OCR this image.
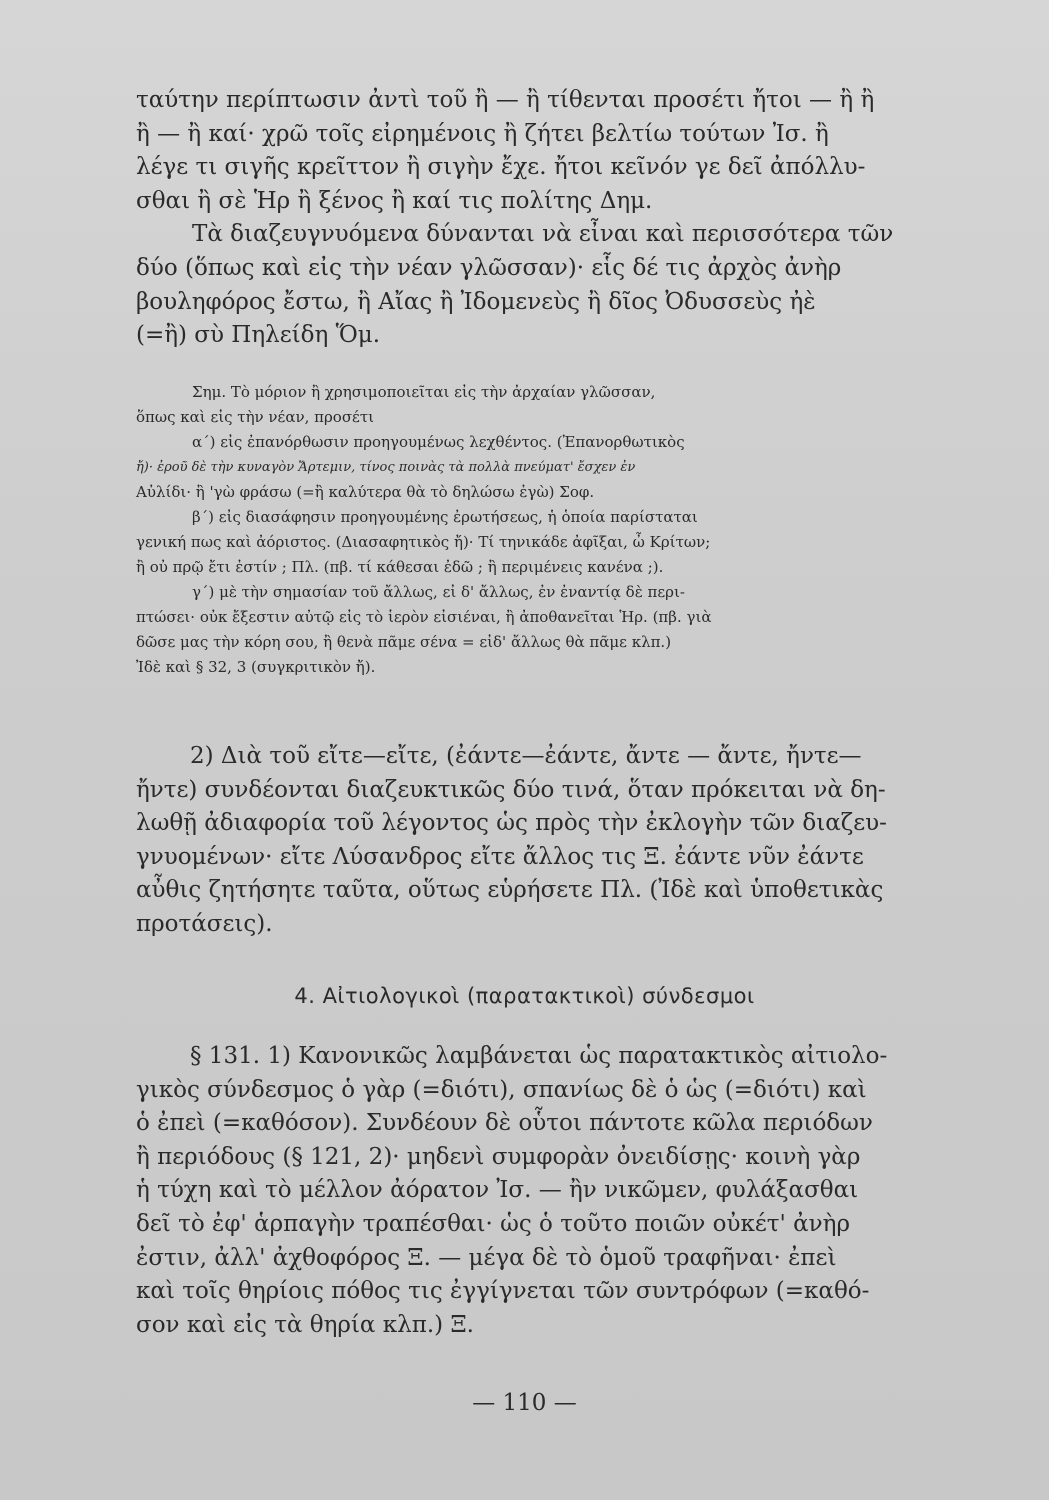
ταύτην περίπτωσιν ἀντὶ τοῦ ἢ — ἢ τίθενται προσέτι ἤτοι — ἢ ἢ
ἢ — ἢ καί· χρῶ τοῖς εἰρημένοις ἢ ζήτει βελτίω τούτων Ἰσ. ἢ
λέγε τι σιγῆς κρεῖττον ἢ σιγὴν ἔχε. ἤτοι κεῖνόν γε δεῖ ἀπόλλυ-
σθαι ἢ σὲ Ἡρ ἢ ξένος ἢ καί τις πολίτης Δημ.
Τὰ διαζευγνυόμενα δύνανται νὰ εἶναι καὶ περισσότερα τῶν
δύο (ὅπως καὶ εἰς τὴν νέαν γλῶσσαν)· εἷς δέ τις ἀρχὸς ἀνὴρ
βουληφόρος ἔστω, ἢ Αἴας ἢ Ἰδομενεὺς ἢ δῖος Ὀδυσσεὺς ἠὲ
(=ἢ) σὺ Πηλείδη Ὅμ.
Σημ. Τὸ μόριον ἢ χρησιμοποιεῖται εἰς τὴν ἀρχαίαν γλῶσσαν,
ὅπως καὶ εἰς τὴν νέαν, προσέτι
α΄) εἰς ἐπανόρθωσιν προηγουμένως λεχθέντος. (Ἐπανορθωτικὸς
ἤ)· ἐροῦ δὲ τὴν κυναγὸν Ἄρτεμιν, τίνος ποινὰς τὰ πολλὰ πνεύματ' ἔσχεν ἐν
Αὐλίδι· ἢ 'γὼ φράσω (=ἢ καλύτερα θὰ τὸ δηλώσω ἐγὼ) Σοφ.
β΄) εἰς διασάφησιν προηγουμένης ἐρωτήσεως, ἡ ὁποία παρίσταται
γενική πως καὶ ἀόριστος. (Διασαφητικὸς ἤ)· Τί τηνικάδε ἀφῖξαι, ὦ Κρίτων;
ἢ οὐ πρῷ ἔτι ἐστίν ; Πλ. (πβ. τί κάθεσαι ἐδῶ ; ἢ περιμένεις κανένα ;).
γ΄) μὲ τὴν σημασίαν τοῦ ἄλλως, εἰ δ' ἄλλως, ἐν ἐναντίᾳ δὲ περι-
πτώσει· οὐκ ἔξεστιν αὐτῷ εἰς τὸ ἱερὸν εἰσιέναι, ἢ ἀποθανεῖται Ἡρ. (πβ. γιὰ
δῶσε μας τὴν κόρη σου, ἢ θενὰ πᾶμε σένα = εἰδ' ἄλλως θὰ πᾶμε κλπ.)
Ἰδὲ καὶ § 32, 3 (συγκριτικὸν ἤ).
2) Διὰ τοῦ εἴτε—εἴτε, (ἐάντε—ἐάντε, ἄντε — ἄντε, ἤντε—
ἤντε) συνδέονται διαζευκτικῶς δύο τινά, ὅταν πρόκειται νὰ δη-
λωθῇ ἀδιαφορία τοῦ λέγοντος ὡς πρὸς τὴν ἐκλογὴν τῶν διαζευ-
γνυομένων· εἴτε Λύσανδρος εἴτε ἄλλος τις Ξ. ἐάντε νῦν ἐάντε
αὖθις ζητήσητε ταῦτα, οὕτως εὑρήσετε Πλ. (Ἰδὲ καὶ ὑποθετικὰς
προτάσεις).
4. Αἰτιολογικοὶ (παρατακτικοὶ) σύνδεσμοι
§ 131. 1) Κανονικῶς λαμβάνεται ὡς παρατακτικὸς αἰτιολο-
γικὸς σύνδεσμος ὁ γὰρ (=διότι), σπανίως δὲ ὁ ὡς (=διότι) καὶ
ὁ ἐπεὶ (=καθόσον). Συνδέουν δὲ οὗτοι πάντοτε κῶλα περιόδων
ἢ περιόδους (§ 121, 2)· μηδενὶ συμφορὰν ὀνειδίσῃς· κοινὴ γὰρ
ἡ τύχη καὶ τὸ μέλλον ἀόρατον Ἰσ. — ἢν νικῶμεν, φυλάξασθαι
δεῖ τὸ ἐφ' ἁρπαγὴν τραπέσθαι· ὡς ὁ τοῦτο ποιῶν οὐκέτ' ἀνὴρ
ἐστιν, ἀλλ' ἀχθοφόρος Ξ. — μέγα δὲ τὸ ὁμοῦ τραφῆναι· ἐπεὶ
καὶ τοῖς θηρίοις πόθος τις ἐγγίγνεται τῶν συντρόφων (=καθό-
σον καὶ εἰς τὰ θηρία κλπ.) Ξ.
— 110 —
